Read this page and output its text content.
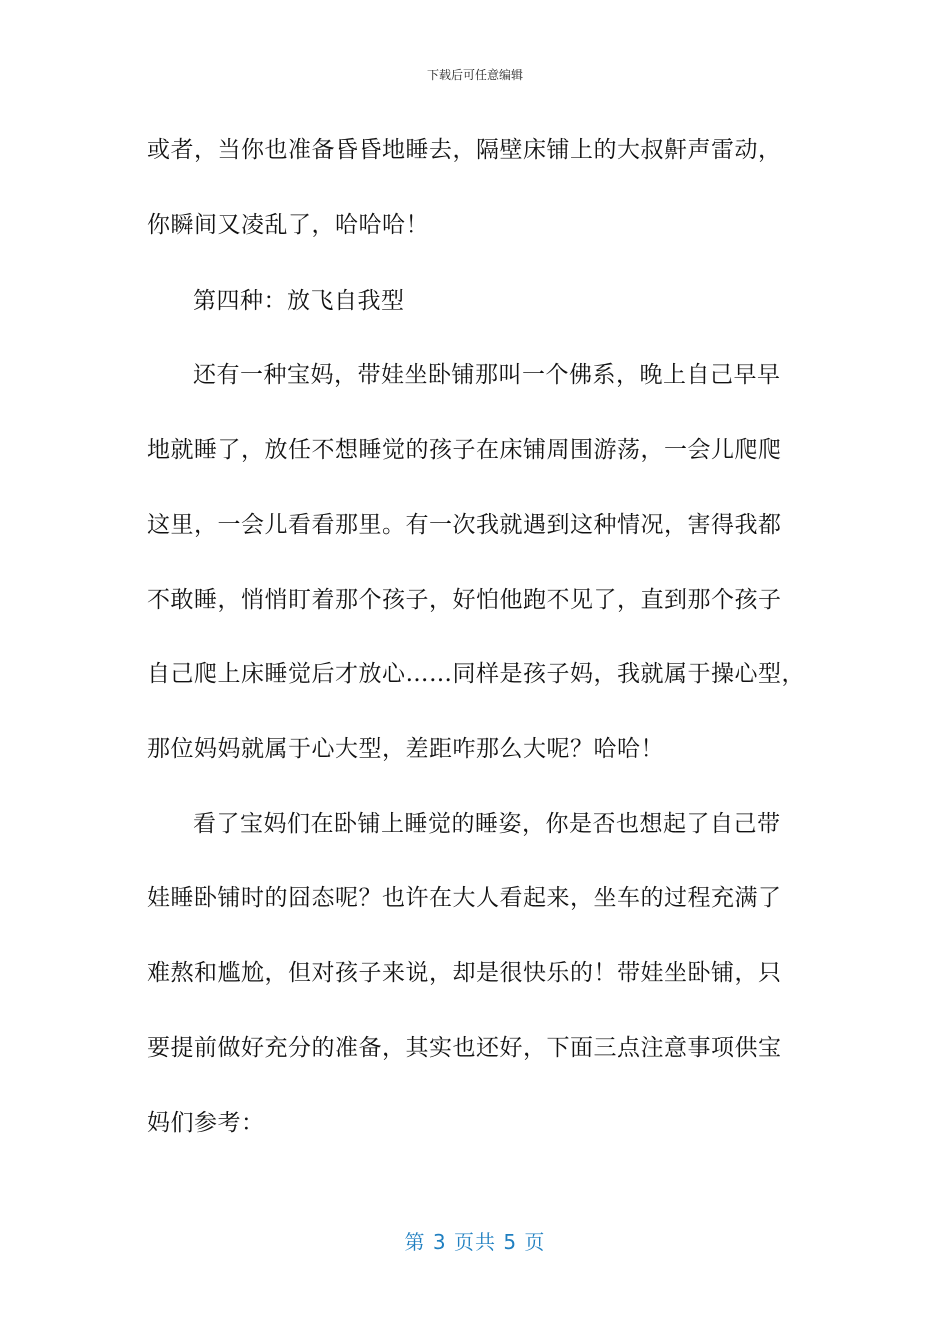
下载后可任意编辑
或者，当你也准备昏昏地睡去，隔壁床铺上的大叔鼾声雷动，
你瞬间又凌乱了，哈哈哈！
第四种：放飞自我型
还有一种宝妈，带娃坐卧铺那叫一个佛系，晚上自己早早
地就睡了，放任不想睡觉的孩子在床铺周围游荡，一会儿爬爬
这里，一会儿看看那里。有一次我就遇到这种情况，害得我都
不敢睡，悄悄盯着那个孩子，好怕他跑不见了，直到那个孩子
自己爬上床睡觉后才放心……同样是孩子妈，我就属于操心型，
那位妈妈就属于心大型，差距咋那么大呢？哈哈！
看了宝妈们在卧铺上睡觉的睡姿，你是否也想起了自己带
娃睡卧铺时的囧态呢？也许在大人看起来，坐车的过程充满了
难熬和尴尬，但对孩子来说，却是很快乐的！带娃坐卧铺，只
要提前做好充分的准备，其实也还好，下面三点注意事项供宝
妈们参考：
第 3 页共 5 页
